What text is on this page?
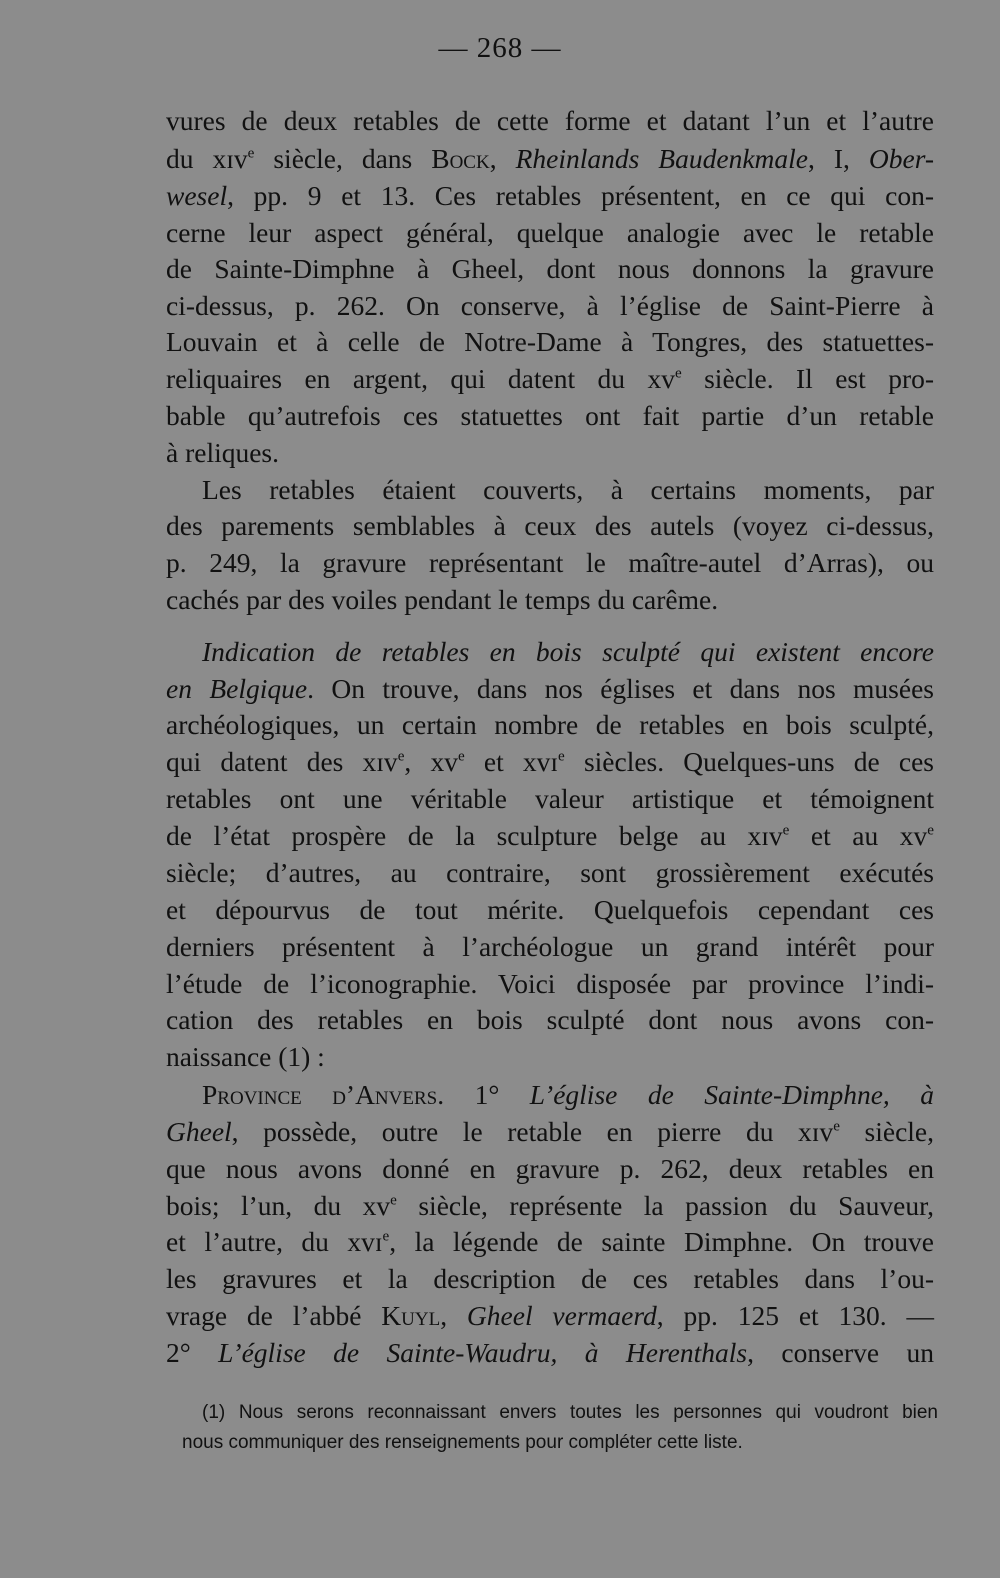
— 268 —
vures de deux retables de cette forme et datant l’un et l’autre
du xɪᴠ$^e$ siècle, dans Bock, Rheinlands Baudenkmale, I, Ober-
wesel, pp. 9 et 13. Ces retables présentent, en ce qui con-
cerne leur aspect général, quelque analogie avec le retable
de Sainte-Dimphne à Gheel, dont nous donnons la gravure
ci-dessus, p. 262. On conserve, à l’église de Saint-Pierre à
Louvain et à celle de Notre-Dame à Tongres, des statuettes-
reliquaires en argent, qui datent du xᴠ$^e$ siècle. Il est pro-
bable qu’autrefois ces statuettes ont fait partie d’un retable
à reliques.
Les retables étaient couverts, à certains moments, par
des parements semblables à ceux des autels (voyez ci-dessus,
p. 249, la gravure représentant le maître-autel d’Arras), ou
cachés par des voiles pendant le temps du carême.
Indication de retables en bois sculpté qui existent encore
en Belgique. On trouve, dans nos églises et dans nos musées
archéologiques, un certain nombre de retables en bois sculpté,
qui datent des xɪᴠ$^e$, xᴠ$^e$ et xᴠɪ$^e$ siècles. Quelques-uns de ces
retables ont une véritable valeur artistique et témoignent
de l’état prospère de la sculpture belge au xɪᴠ$^e$ et au xᴠ$^e$
siècle; d’autres, au contraire, sont grossièrement exécutés
et dépourvus de tout mérite. Quelquefois cependant ces
derniers présentent à l’archéologue un grand intérêt pour
l’étude de l’iconographie. Voici disposée par province l’indi-
cation des retables en bois sculpté dont nous avons con-
naissance (1) :
Province d’Anvers. 1° L’église de Sainte-Dimphne, à
Gheel, possède, outre le retable en pierre du xɪᴠ$^e$ siècle,
que nous avons donné en gravure p. 262, deux retables en
bois; l’un, du xᴠ$^e$ siècle, représente la passion du Sauveur,
et l’autre, du xᴠɪ$^e$, la légende de sainte Dimphne. On trouve
les gravures et la description de ces retables dans l’ou-
vrage de l’abbé Kuyl, Gheel vermaerd, pp. 125 et 130. —
2° L’église de Sainte-Waudru, à Herenthals, conserve un
(1) Nous serons reconnaissant envers toutes les personnes qui voudront bien
nous communiquer des renseignements pour compléter cette liste.
